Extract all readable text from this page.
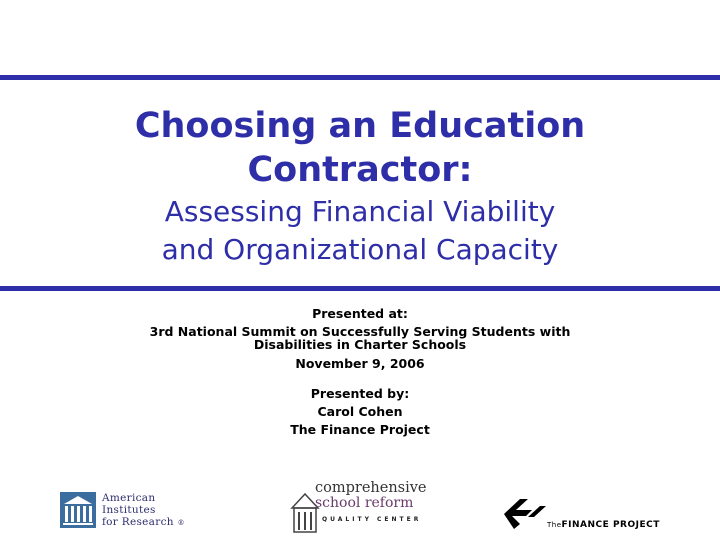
Choosing an Education

Contractor:

Assessing Financial Viability

and Organizational Capacity

Presented at:
3rd National Summit on Successfully Serving Students with Disabilities in Charter Schools
November 9, 2006
Presented by:
Carol Cohen
The Finance Project
American
Institutes
for Research ®
comprehensive
school reform
QUALITY CENTER
TheFINANCE PROJECT
